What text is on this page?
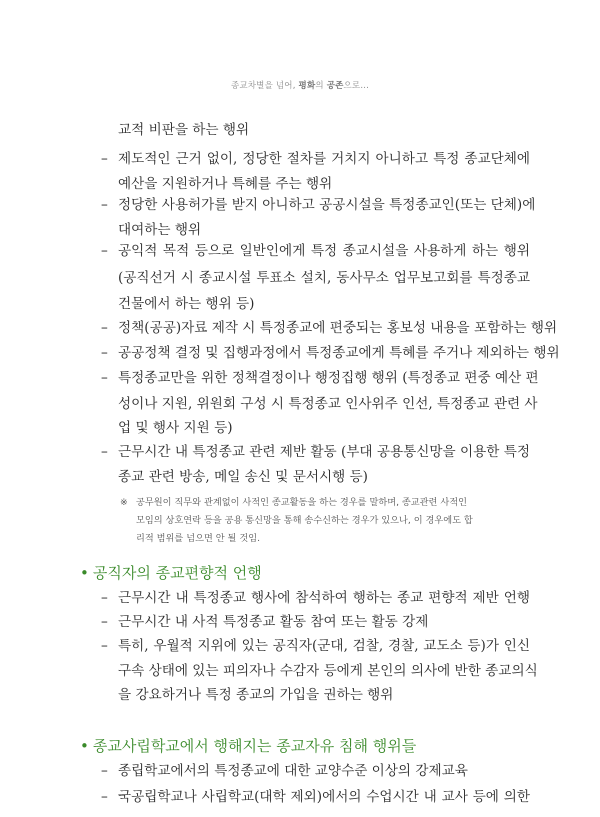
종교차별을 넘어, 평화의 공존으로...
교적 비판을 하는 행위
– 제도적인 근거 없이, 정당한 절차를 거치지 아니하고 특정 종교단체에
예산을 지원하거나 특혜를 주는 행위
– 정당한 사용허가를 받지 아니하고 공공시설을 특정종교인(또는 단체)에
대여하는 행위
– 공익적 목적 등으로 일반인에게 특정 종교시설을 사용하게 하는 행위
(공직선거 시 종교시설 투표소 설치, 동사무소 업무보고회를 특정종교
건물에서 하는 행위 등)
– 정책(공공)자료 제작 시 특정종교에 편중되는 홍보성 내용을 포함하는 행위
– 공공정책 결정 및 집행과정에서 특정종교에게 특혜를 주거나 제외하는 행위
– 특정종교만을 위한 정책결정이나 행정집행 행위 (특정종교 편중 예산 편
성이나 지원, 위원회 구성 시 특정종교 인사위주 인선, 특정종교 관련 사
업 및 행사 지원 등)
– 근무시간 내 특정종교 관련 제반 활동 (부대 공용통신망을 이용한 특정
종교 관련 방송, 메일 송신 및 문서시행 등)
※ 공무원이 직무와 관계없이 사적인 종교활동을 하는 경우를 말하며, 종교관련 사적인
모임의 상호연락 등을 공용 통신망을 통해 송수신하는 경우가 있으나, 이 경우에도 합
리적 범위를 넘으면 안 될 것임.
• 공직자의 종교편향적 언행
– 근무시간 내 특정종교 행사에 참석하여 행하는 종교 편향적 제반 언행
– 근무시간 내 사적 특정종교 활동 참여 또는 활동 강제
– 특히, 우월적 지위에 있는 공직자(군대, 검찰, 경찰, 교도소 등)가 인신
구속 상태에 있는 피의자나 수감자 등에게 본인의 의사에 반한 종교의식
을 강요하거나 특정 종교의 가입을 권하는 행위
• 종교사립학교에서 행해지는 종교자유 침해 행위들
– 종립학교에서의 특정종교에 대한 교양수준 이상의 강제교육
– 국공립학교나 사립학교(대학 제외)에서의 수업시간 내 교사 등에 의한
